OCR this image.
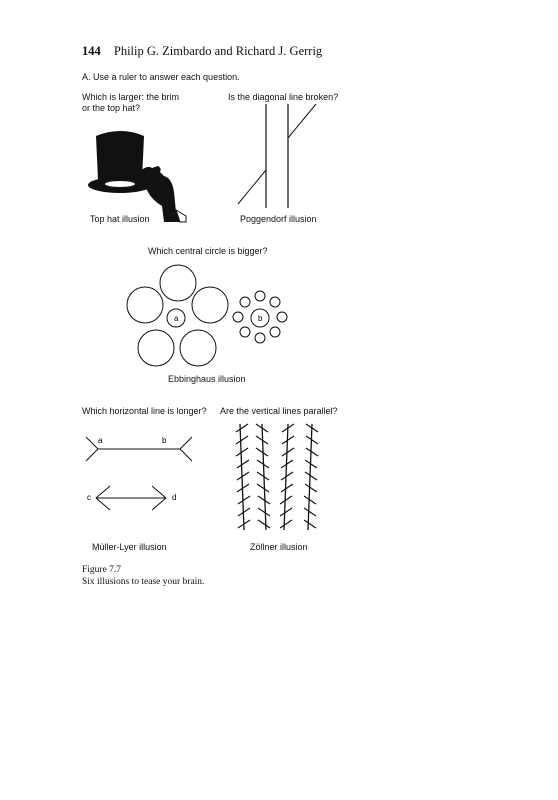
144 Philip G. Zimbardo and Richard J. Gerrig
A. Use a ruler to answer each question.
Which is larger: the brim
or the top hat?
Is the diagonal line broken?
Top hat illusion	Poggendorf illusion
Which central circle is bigger?
a	b
Ebbinghaus illusion
Which horizontal line is longer? Are the vertical lines parallel?
a	b
c	d
Müller-Lyer illusion	Zöllner illusion
Figure 7.7
Six illusions to tease your brain.
